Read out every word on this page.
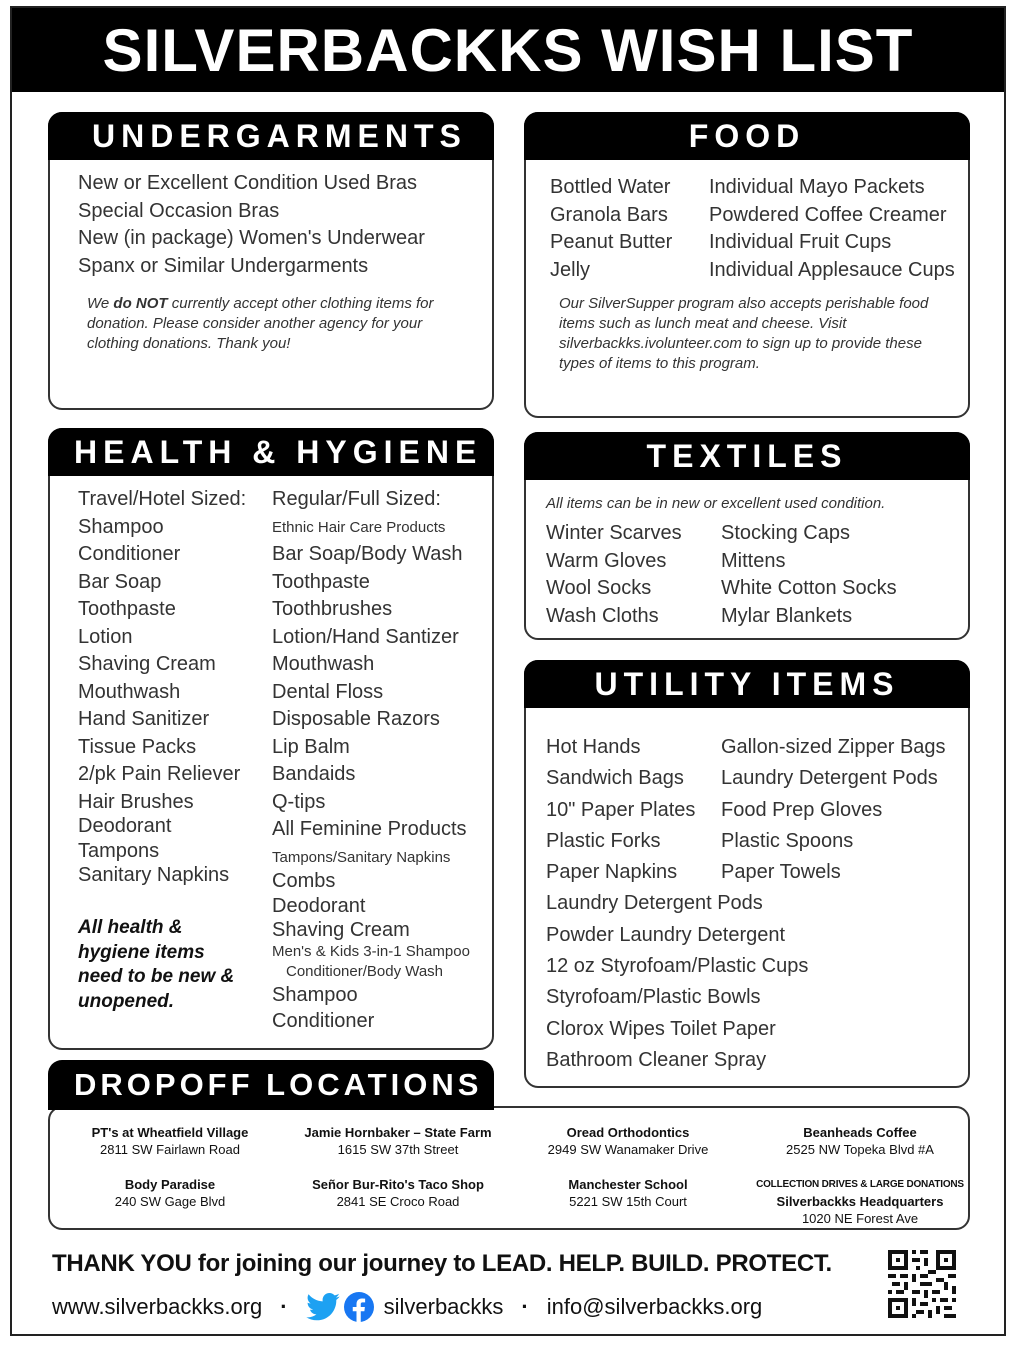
SILVERBACKKS WISH LIST
UNDERGARMENTS
New or Excellent Condition Used Bras
Special Occasion Bras
New (in package) Women's Underwear
Spanx or Similar Undergarments
We do NOT currently accept other clothing items for donation. Please consider another agency for your clothing donations. Thank you!
FOOD
Bottled Water
Granola Bars
Peanut Butter
Jelly
Individual Mayo Packets
Powdered Coffee Creamer
Individual Fruit Cups
Individual Applesauce Cups
Our SilverSupper program also accepts perishable food items such as lunch meat and cheese. Visit silverbackks.ivolunteer.com to sign up to provide these types of items to this program.
HEALTH & HYGIENE
Travel/Hotel Sized:
Shampoo
Conditioner
Bar Soap
Toothpaste
Lotion
Shaving Cream
Mouthwash
Hand Sanitizer
Tissue Packs
2/pk Pain Reliever
Hair Brushes
Deodorant
Tampons
Sanitary Napkins
All health & hygiene items need to be new & unopened.
Regular/Full Sized:
Ethnic Hair Care Products
Bar Soap/Body Wash
Toothpaste
Toothbrushes
Lotion/Hand Santizer
Mouthwash
Dental Floss
Disposable Razors
Lip Balm
Bandaids
Q-tips
All Feminine Products
Tampons/Sanitary Napkins
Combs
Deodorant
Shaving Cream
Men's & Kids 3-in-1 Shampoo
Conditioner/Body Wash
Shampoo
Conditioner
TEXTILES
All items can be in new or excellent used condition.
Winter Scarves
Warm Gloves
Wool Socks
Wash Cloths
Stocking Caps
Mittens
White Cotton Socks
Mylar Blankets
UTILITY ITEMS
Hot Hands
Sandwich Bags
10" Paper Plates
Plastic Forks
Paper Napkins
Laundry Detergent Pods
Powder Laundry Detergent
12 oz Styrofoam/Plastic Cups
Styrofoam/Plastic Bowls
Clorox Wipes Toilet Paper
Bathroom Cleaner Spray
Gallon-sized Zipper Bags
Laundry Detergent Pods
Food Prep Gloves
Plastic Spoons
Paper Towels
PT's at Wheatfield Village
2811 SW Fairlawn Road
Jamie Hornbaker – State Farm
1615 SW 37th Street
Oread Orthodontics
2949 SW Wanamaker Drive
Beanheads Coffee
2525 NW Topeka Blvd #A
Body Paradise
240 SW Gage Blvd
Señor Bur-Rito's Taco Shop
2841 SE Croco Road
Manchester School
5221 SW 15th Court
COLLECTION DRIVES & LARGE DONATIONS
Silverbackks Headquarters
1020 NE Forest Ave
DROPOFF LOCATIONS
THANK YOU for joining our journey to LEAD. HELP. BUILD. PROTECT.
www.silverbackks.org ·	silverbackks · info@silverbackks.org
